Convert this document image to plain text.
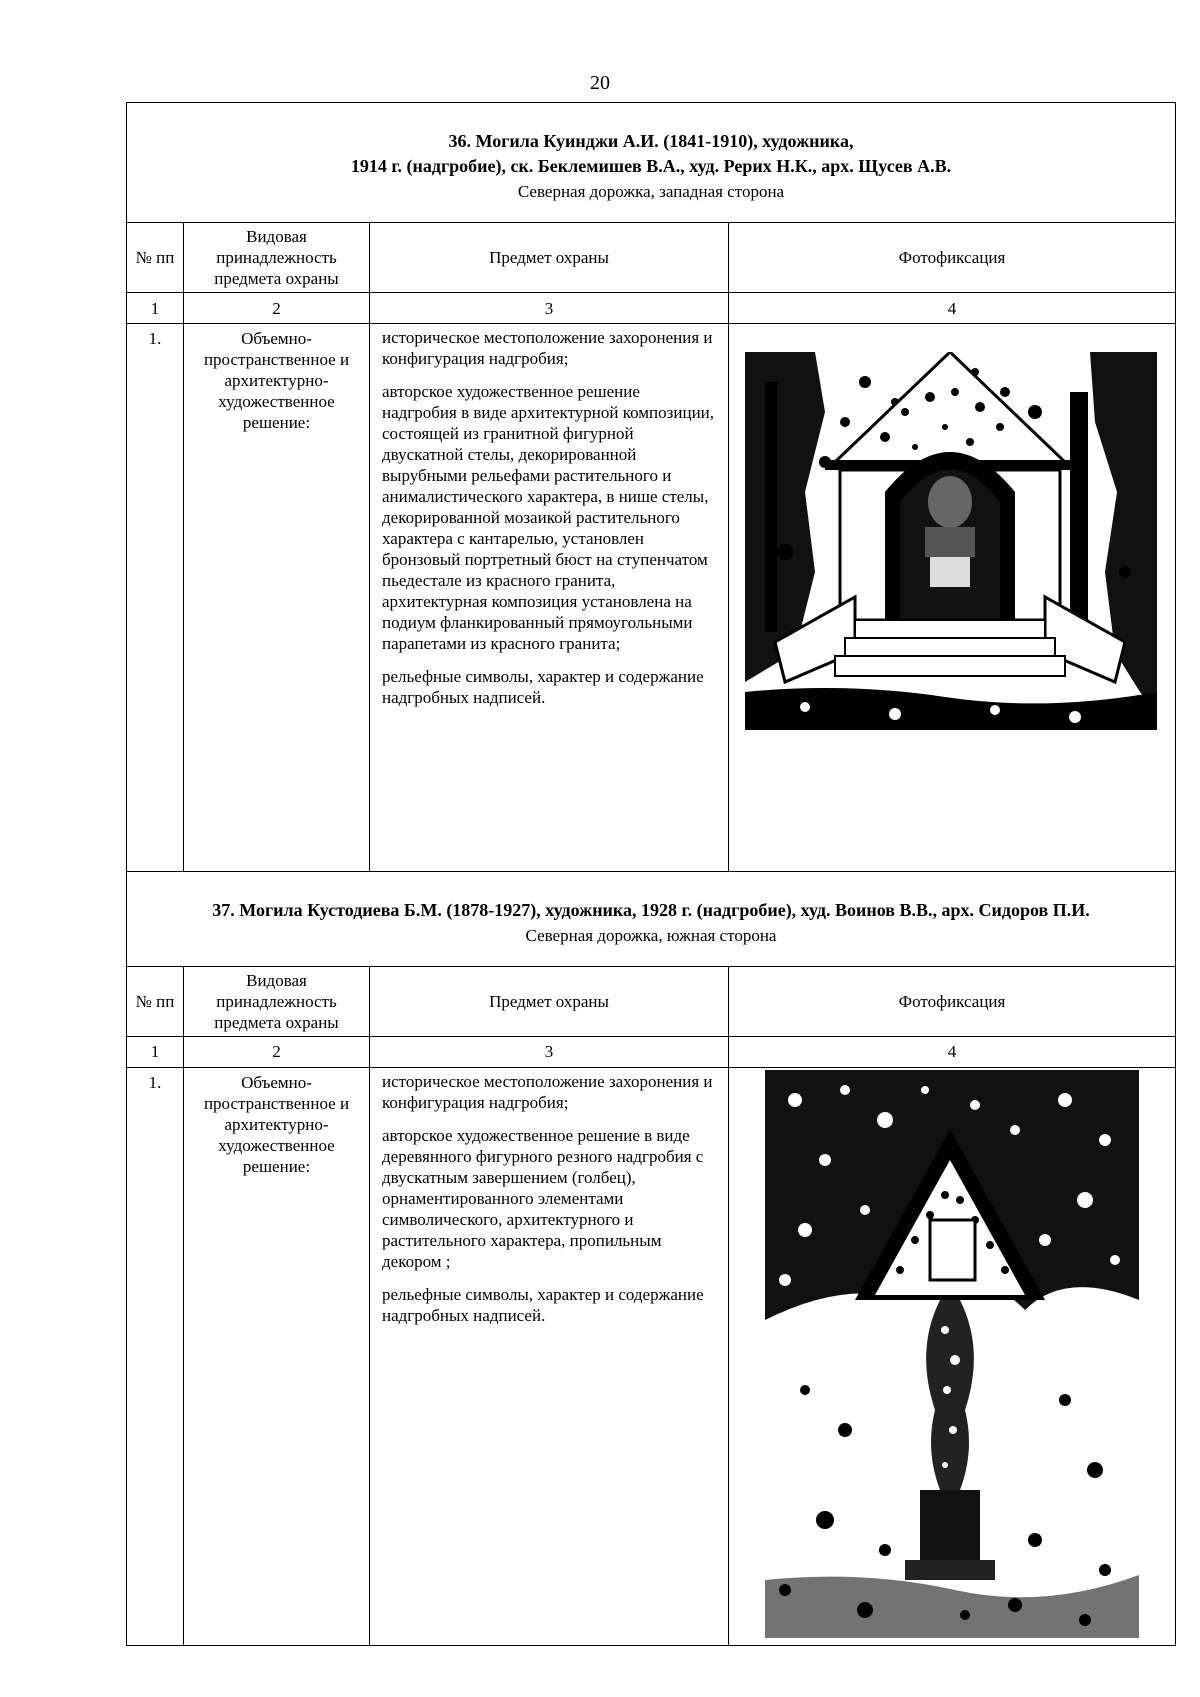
20
36. Могила Куинджи А.И. (1841-1910), художника,
1914 г. (надгробие), ск. Беклемишев В.А., худ. Рерих Н.К., арх. Щусев А.В.
Северная дорожка, западная сторона			

№ пп	Видовая принадлежность предмета охраны	Предмет охраны	Фотофиксация
1	2	3	4
1.	Объемно-пространственное и архитектурно-художественное решение:	историческое местоположение захоронения и конфигурация надгробия;

авторское художественное решение надгробия в виде архитектурной композиции, состоящей из гранитной фигурной двускатной стелы, декорированной вырубными рельефами растительного и анималистического характера, в нише стелы, декорированной мозаикой растительного характера с кантарелью, установлен бронзовый портретный бюст на ступенчатом пьедестале из красного гранита, архитектурная композиция установлена на подиум фланкированный прямоугольными парапетами из красного гранита;

рельефные символы, характер и содержание надгробных надписей.

37. Могила Кустодиева Б.М. (1878-1927), художника, 1928 г. (надгробие), худ. Воинов В.В., арх. Сидоров П.И.
Северная дорожка, южная сторона			

№ пп	Видовая принадлежность предмета охраны	Предмет охраны	Фотофиксация
1	2	3	4
1.	Объемно-пространственное и архитектурно-художественное решение:	историческое местоположение захоронения и конфигурация надгробия;

авторское художественное решение в виде деревянного фигурного резного надгробия с двускатным завершением (голбец), орнаментированного элементами символического, архитектурного и растительного характера, пропильным декором ;

рельефные символы, характер и содержание надгробных надписей.
